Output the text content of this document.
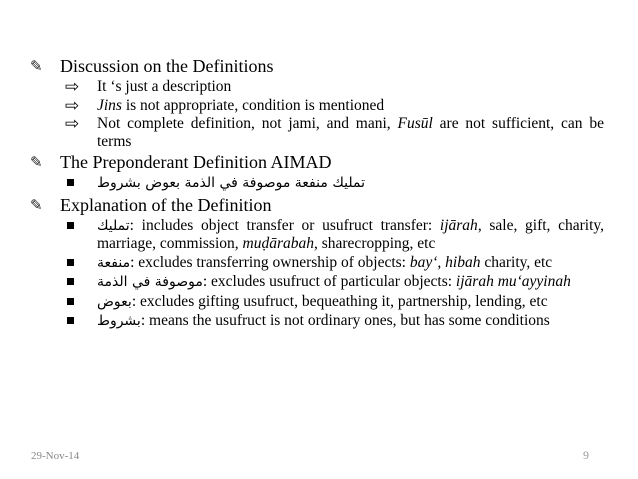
✎ Discussion on the Definitions
⇨ It ‘s just a description
⇨ Jins is not appropriate, condition is mentioned
⇨ Not complete definition, not jami, and mani, Fusūl are not sufficient, can be terms
✎ The Preponderant Definition AIMAD
تمليك منفعة موصوفة في الذمة بعوض بشروط
✎ Explanation of the Definition
تمليك: includes object transfer or usufruct transfer: ijārah, sale, gift, charity, marriage, commission, muḍārabah, sharecropping, etc
منفعة: excludes transferring ownership of objects: bay‘, hibah charity, etc
موصوفة في الذمة: excludes usufruct of particular objects: ijārah mu‘ayyinah
بعوض: excludes gifting usufruct, bequeathing it, partnership, lending, etc
بشروط: means the usufruct is not ordinary ones, but has some conditions
29-Nov-14	9
